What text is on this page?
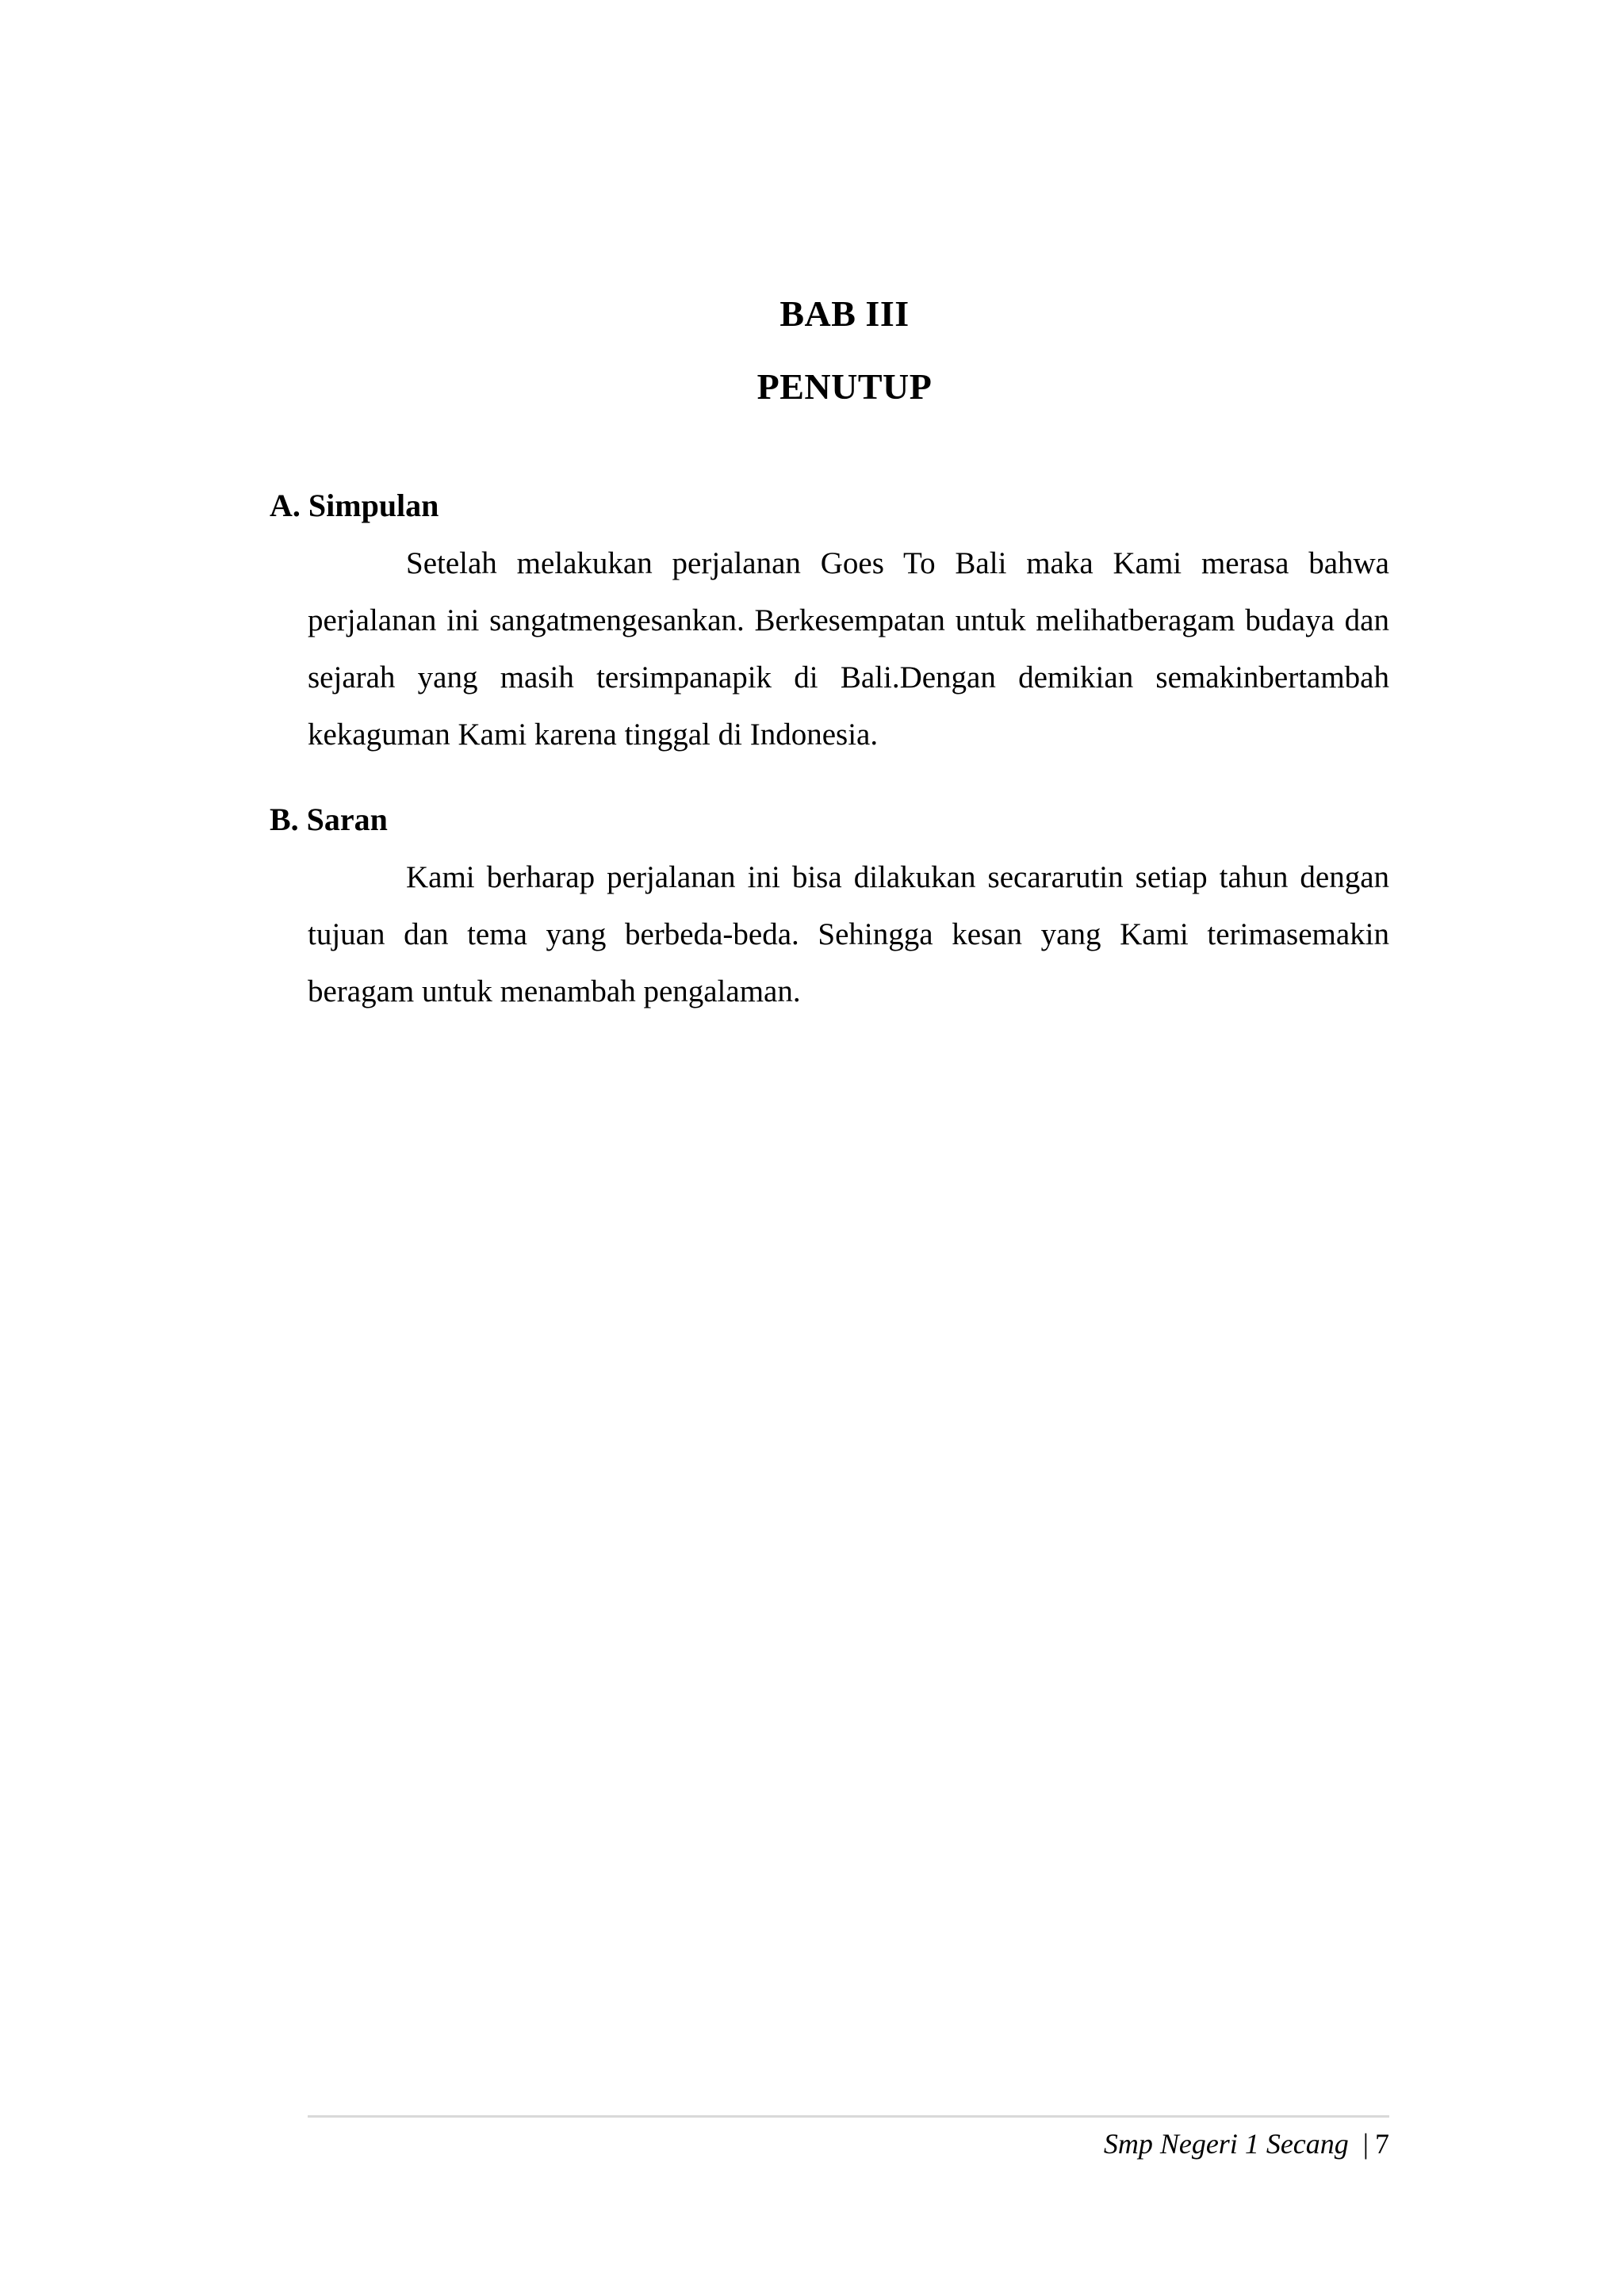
BAB III
PENUTUP
A. Simpulan

Setelah melakukan perjalanan Goes To Bali maka Kami merasa bahwa perjalanan ini sangatmengesankan. Berkesempatan untuk melihatberagam budaya dan sejarah yang masih tersimpanapik di Bali.Dengan demikian semakinbertambah kekaguman Kami karena tinggal di Indonesia.

B. Saran

Kami berharap perjalanan ini bisa dilakukan secararutin setiap tahun dengan tujuan dan tema yang berbeda-beda. Sehingga kesan yang Kami terimasemakin beragam untuk menambah pengalaman.

Smp Negeri 1 Secang | 7
